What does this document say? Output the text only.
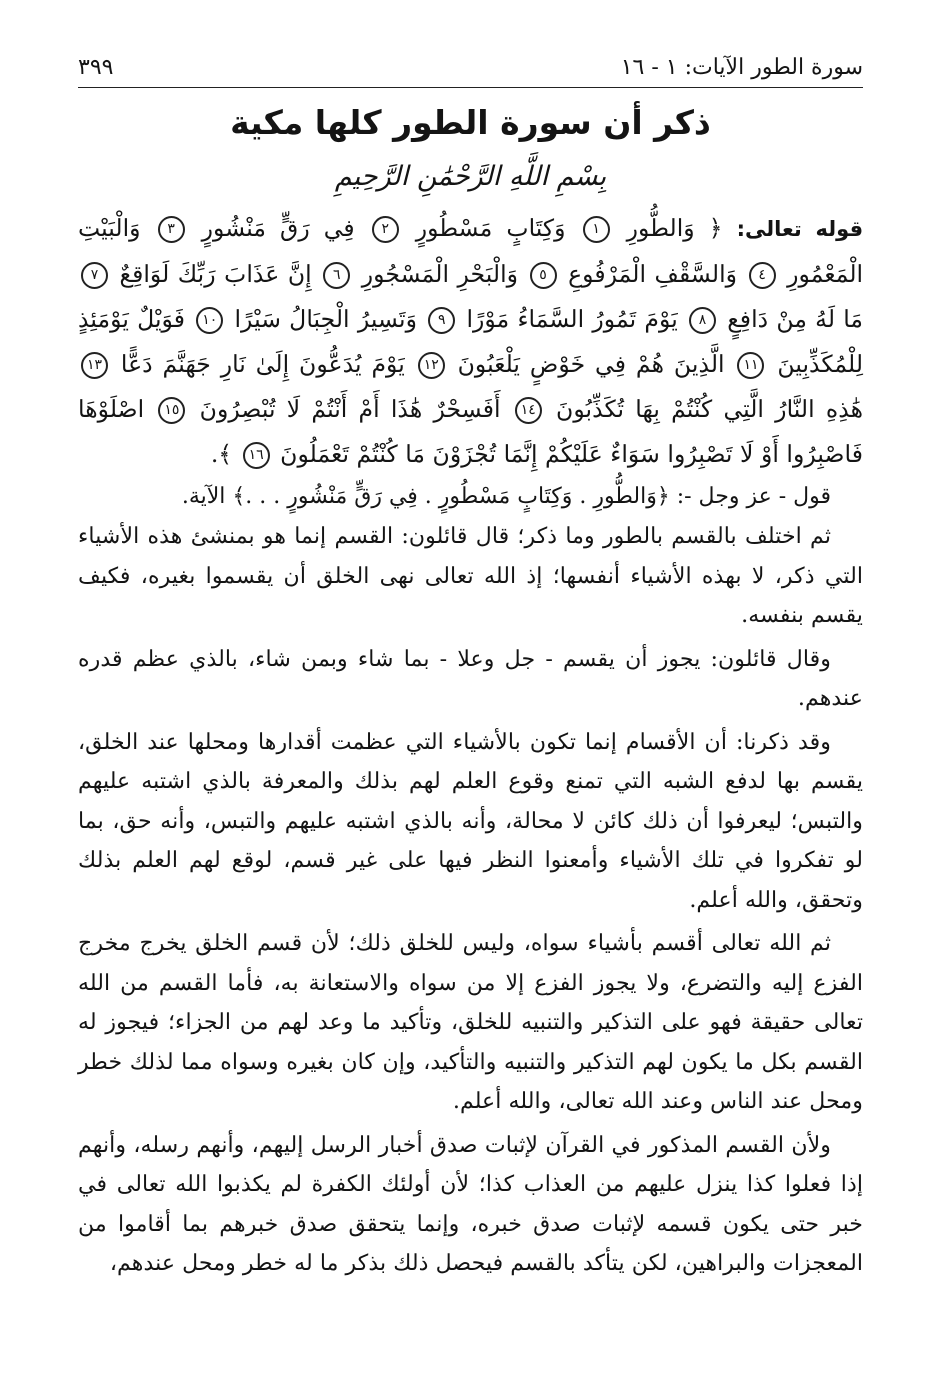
سورة الطور الآيات: ١ - ١٦
٣٩٩
ذكر أن سورة الطور كلها مكية
بِسْمِ اللَّهِ الرَّحْمَٰنِ الرَّحِيمِ
قوله تعالى: ﴿ وَالطُّورِ ١ وَكِتَابٍ مَسْطُورٍ ٢ فِي رَقٍّ مَنْشُورٍ ٣ وَالْبَيْتِ الْمَعْمُورِ ٤ وَالسَّقْفِ الْمَرْفُوعِ ٥ وَالْبَحْرِ الْمَسْجُورِ ٦ إِنَّ عَذَابَ رَبِّكَ لَوَاقِعٌ ٧ مَا لَهُ مِنْ دَافِعٍ ٨ يَوْمَ تَمُورُ السَّمَاءُ مَوْرًا ٩ وَتَسِيرُ الْجِبَالُ سَيْرًا ١٠ فَوَيْلٌ يَوْمَئِذٍ لِلْمُكَذِّبِينَ ١١ الَّذِينَ هُمْ فِي خَوْضٍ يَلْعَبُونَ ١٢ يَوْمَ يُدَعُّونَ إِلَىٰ نَارِ جَهَنَّمَ دَعًّا ١٣ هَٰذِهِ النَّارُ الَّتِي كُنْتُمْ بِهَا تُكَذِّبُونَ ١٤ أَفَسِحْرٌ هَٰذَا أَمْ أَنْتُمْ لَا تُبْصِرُونَ ١٥ اصْلَوْهَا فَاصْبِرُوا أَوْ لَا تَصْبِرُوا سَوَاءٌ عَلَيْكُمْ إِنَّمَا تُجْزَوْنَ مَا كُنْتُمْ تَعْمَلُونَ ١٦ ﴾.
قول - عز وجل -: ﴿وَالطُّورِ . وَكِتَابٍ مَسْطُورٍ . فِي رَقٍّ مَنْشُورٍ . . .﴾ الآية.

ثم اختلف بالقسم بالطور وما ذكر؛ قال قائلون: القسم إنما هو بمنشئ هذه الأشياء التي ذكر، لا بهذه الأشياء أنفسها؛ إذ الله تعالى نهى الخلق أن يقسموا بغيره، فكيف يقسم بنفسه.

وقال قائلون: يجوز أن يقسم - جل وعلا - بما شاء وبمن شاء، بالذي عظم قدره عندهم.

وقد ذكرنا: أن الأقسام إنما تكون بالأشياء التي عظمت أقدارها ومحلها عند الخلق، يقسم بها لدفع الشبه التي تمنع وقوع العلم لهم بذلك والمعرفة بالذي اشتبه عليهم والتبس؛ ليعرفوا أن ذلك كائن لا محالة، وأنه بالذي اشتبه عليهم والتبس، وأنه حق، بما لو تفكروا في تلك الأشياء وأمعنوا النظر فيها على غير قسم، لوقع لهم العلم بذلك وتحقق، والله أعلم.

ثم الله تعالى أقسم بأشياء سواه، وليس للخلق ذلك؛ لأن قسم الخلق يخرج مخرج الفزع إليه والتضرع، ولا يجوز الفزع إلا من سواه والاستعانة به، فأما القسم من الله تعالى حقيقة فهو على التذكير والتنبيه للخلق، وتأكيد ما وعد لهم من الجزاء؛ فيجوز له القسم بكل ما يكون لهم التذكير والتنبيه والتأكيد، وإن كان بغيره وسواه مما لذلك خطر ومحل عند الناس وعند الله تعالى، والله أعلم.

ولأن القسم المذكور في القرآن لإثبات صدق أخبار الرسل إليهم، وأنهم رسله، وأنهم إذا فعلوا كذا ينزل عليهم من العذاب كذا؛ لأن أولئك الكفرة لم يكذبوا الله تعالى في خبر حتى يكون قسمه لإثبات صدق خبره، وإنما يتحقق صدق خبرهم بما أقاموا من المعجزات والبراهين، لكن يتأكد بالقسم فيحصل ذلك بذكر ما له خطر ومحل عندهم،
